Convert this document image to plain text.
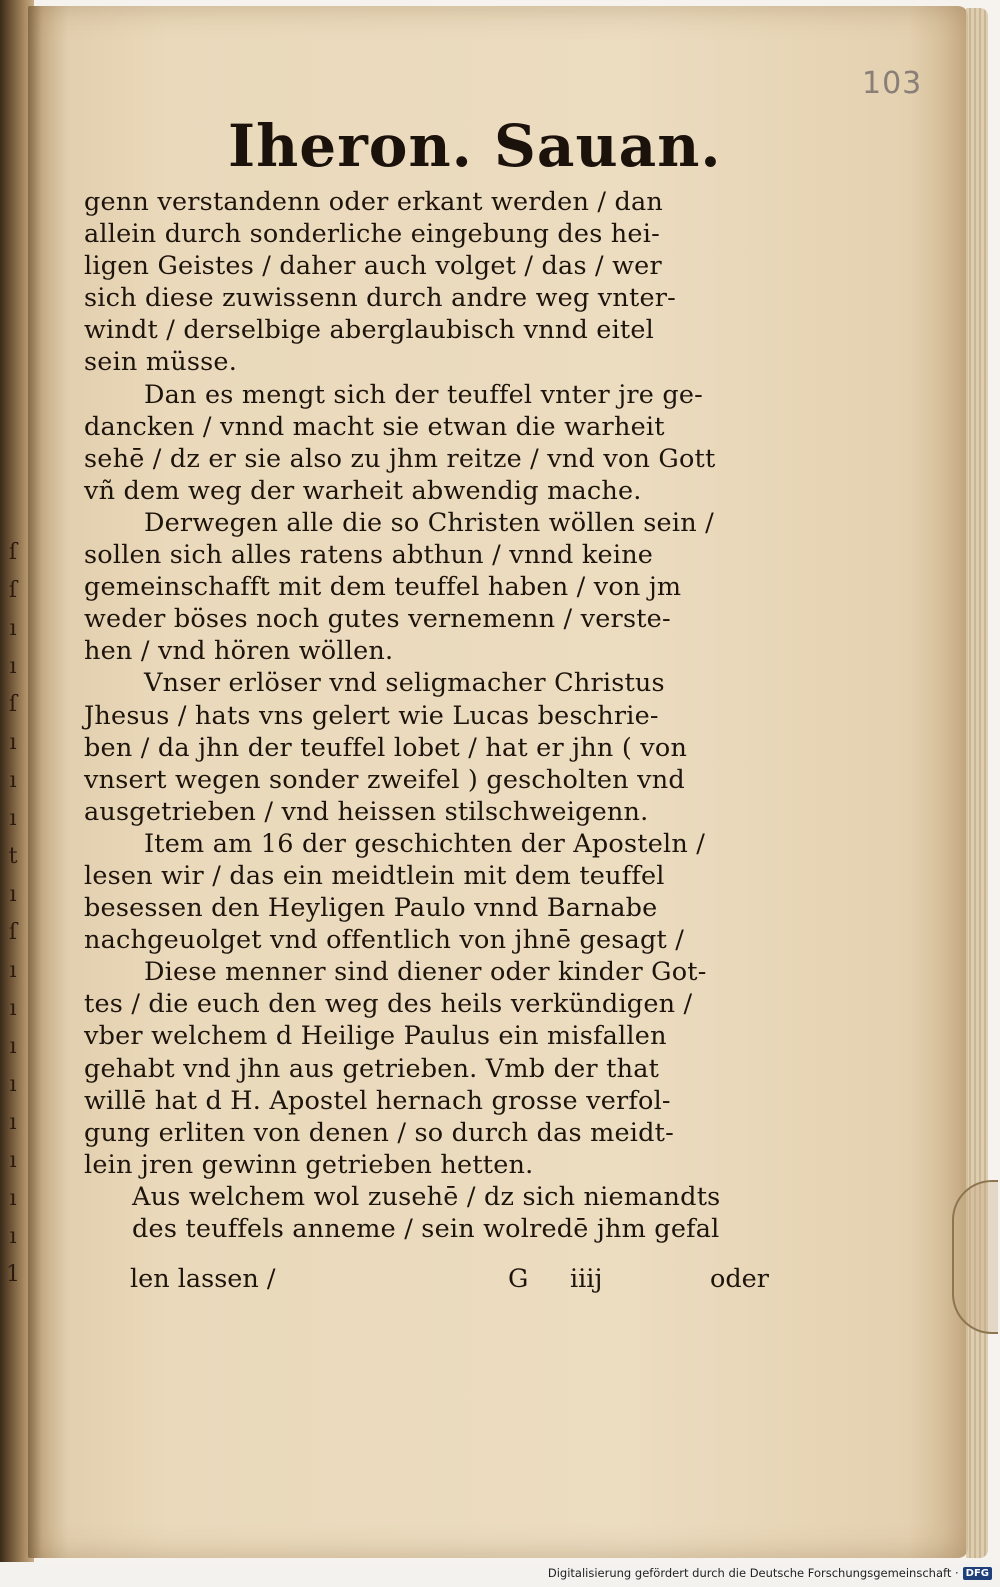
ſ
ſ
ı
ı
ſ
ı
ı
ı
t
ı
ſ
ı
ı
ı
ı
ı
ı
ı
ı
1
103
Iheron. Sauan.
genn verstandenn oder erkant werden / dan
allein durch sonderliche eingebung des hei‐
ligen Geistes / daher auch volget / das / wer
sich diese zuwissenn durch andre weg vnter‐
windt / derselbige aberglaubisch vnnd eitel
sein müsse.
Dan es mengt sich der teuffel vnter jre ge‐
dancken / vnnd macht sie etwan die warheit
sehē / dz er sie also zu jhm reitze / vnd von Gott
vñ dem weg der warheit abwendig mache.
Derwegen alle die so Christen wöllen sein /
sollen sich alles ratens abthun / vnnd keine
gemeinschafft mit dem teuffel haben / von jm
weder böses noch gutes vernemenn / verste‐
hen / vnd hören wöllen.
Vnser erlöser vnd seligmacher Christus
Jhesus / hats vns gelert wie Lucas beschrie‐
ben / da jhn der teuffel lobet / hat er jhn ( von
vnsert wegen sonder zweifel ) gescholten vnd
ausgetrieben / vnd heissen stilschweigenn.
Item am 16 der geschichten der Aposteln /
lesen wir / das ein meidtlein mit dem teuffel
besessen den Heyligen Paulo vnnd Barnabe
nachgeuolget vnd offentlich von jhnē gesagt /
Diese menner sind diener oder kinder Got‐
tes / die euch den weg des heils verkündigen /
vber welchem d Heilige Paulus ein misfallen
gehabt vnd jhn aus getrieben. Vmb der that
willē hat d H. Apostel hernach grosse verfol‐
gung erliten von denen / so durch das meidt‐
lein jren gewinn getrieben hetten.
Aus welchem wol zusehē / dz sich niemandts
des teuffels anneme / sein wolredē jhm gefal
len lassen /	G iiij	oder
Digitalisierung gefördert durch die Deutsche Forschungsgemeinschaft · DFG
